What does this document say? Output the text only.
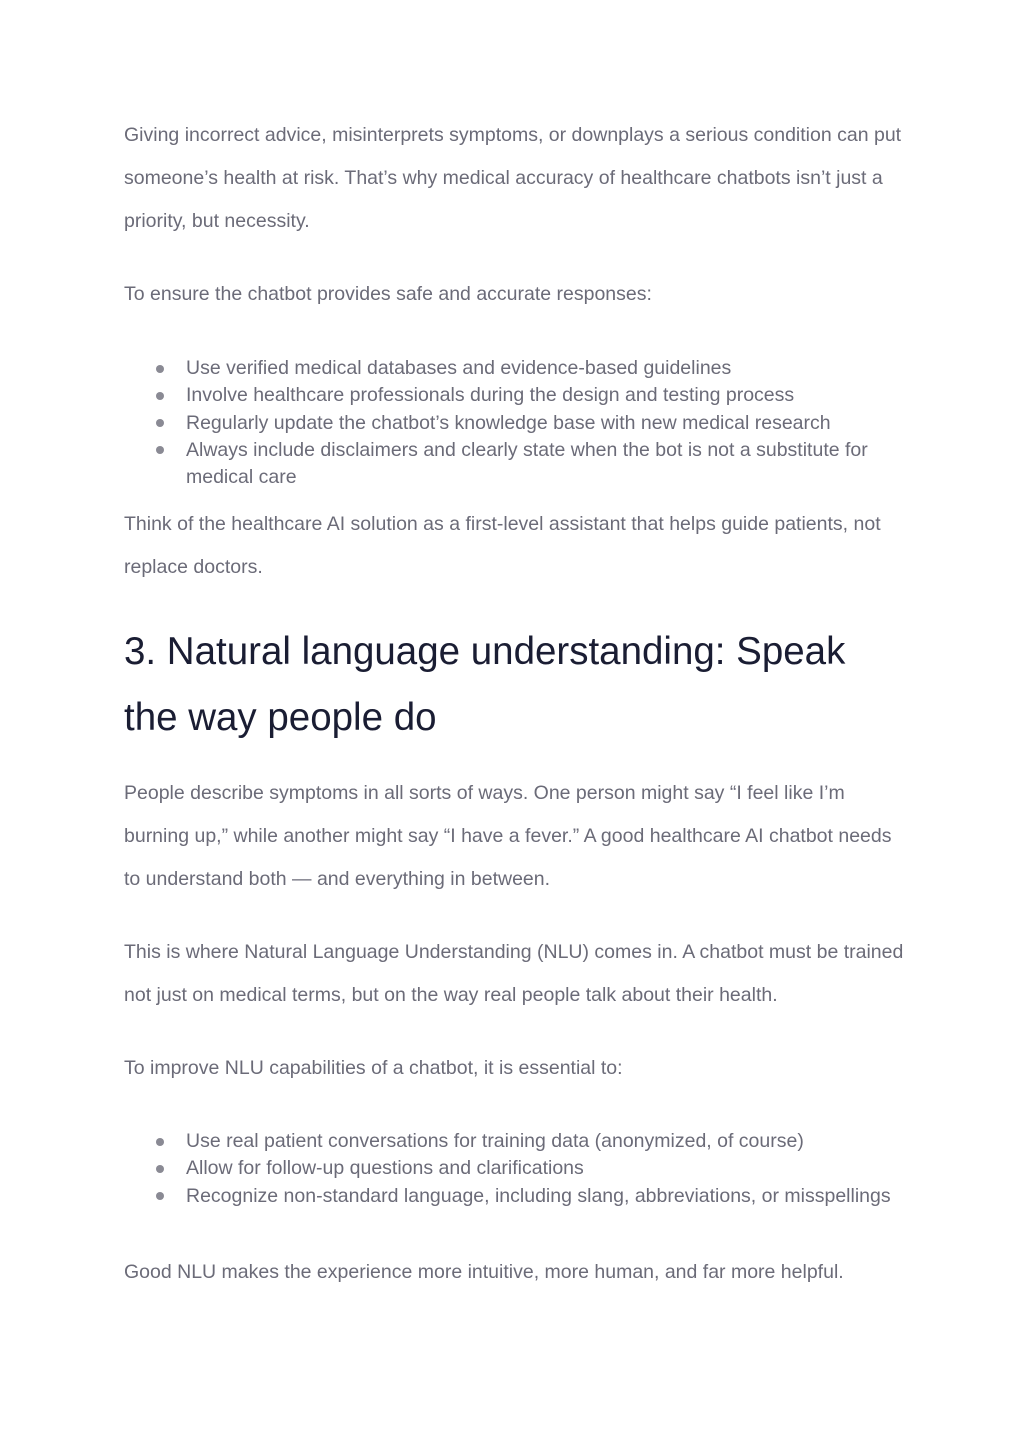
Giving incorrect advice, misinterprets symptoms, or downplays a serious condition can put someone’s health at risk. That’s why medical accuracy of healthcare chatbots isn’t just a priority, but necessity.

To ensure the chatbot provides safe and accurate responses:

Use verified medical databases and evidence-based guidelines
Involve healthcare professionals during the design and testing process
Regularly update the chatbot’s knowledge base with new medical research
Always include disclaimers and clearly state when the bot is not a substitute for medical care

Think of the healthcare AI solution as a first-level assistant that helps guide patients, not replace doctors.

3. Natural language understanding: Speak the way people do

People describe symptoms in all sorts of ways. One person might say “I feel like I’m burning up,” while another might say “I have a fever.” A good healthcare AI chatbot needs to understand both — and everything in between.

This is where Natural Language Understanding (NLU) comes in. A chatbot must be trained not just on medical terms, but on the way real people talk about their health.

To improve NLU capabilities of a chatbot, it is essential to:

Use real patient conversations for training data (anonymized, of course)
Allow for follow-up questions and clarifications
Recognize non-standard language, including slang, abbreviations, or misspellings

Good NLU makes the experience more intuitive, more human, and far more helpful.
